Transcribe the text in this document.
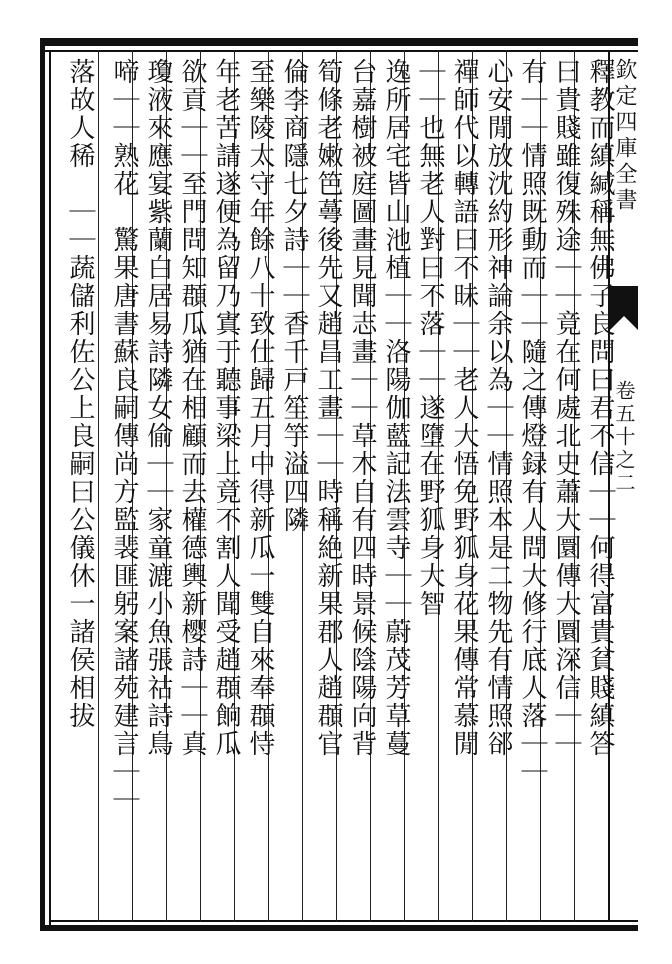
欽定四庫全書
卷五十之二
釋教而縝緘稱無佛子良問曰君不信｜｜何得富貴貧賤縝答
曰貴賤雖復殊途｜｜竟在何處北史蕭大圜傳大圜深信｜｜
有｜｜情照既動而｜｜隨之傳燈録有人問大修行底人落｜｜
心安閒放沈約形神論余以為｜｜情照本是二物先有情照郤
禪師代以轉語曰不昧｜｜老人大悟免野狐身花果傳常慕閒
｜｜也無老人對曰不落｜｜遂墮在野狐身大智
逸所居宅皆山池植｜｜洛陽伽藍記法雲寺｜｜蔚茂芳草蔓
台嘉樹被庭圖畫見聞志畫｜｜草木自有四時景候陰陽向背
筍條老嫩笆蕚後先又趙昌工畫｜｜時稱絶新果郡人趙頵官
倫李商隱七夕詩｜｜香千戸笙竽溢四隣
至樂陵太守年餘八十致仕歸五月中得新瓜一雙自來奉頵恃
年老苦請遂便為留乃寘于聽事梁上竟不割人聞受趙頵餉瓜
欲貢｜｜至門問知頵瓜猶在相顧而去權德輿新樱詩｜｜真
瓊液來應宴紫蘭白居易詩隣女偷｜｜家童漉小魚張祜詩鳥
啼｜｜熟花　驚果唐書蘇良嗣傳尚方監裴匪躬案諸苑建言｜｜
落故人稀　｜｜蔬儲利佐公上良嗣曰公儀休一諸侯相拔
